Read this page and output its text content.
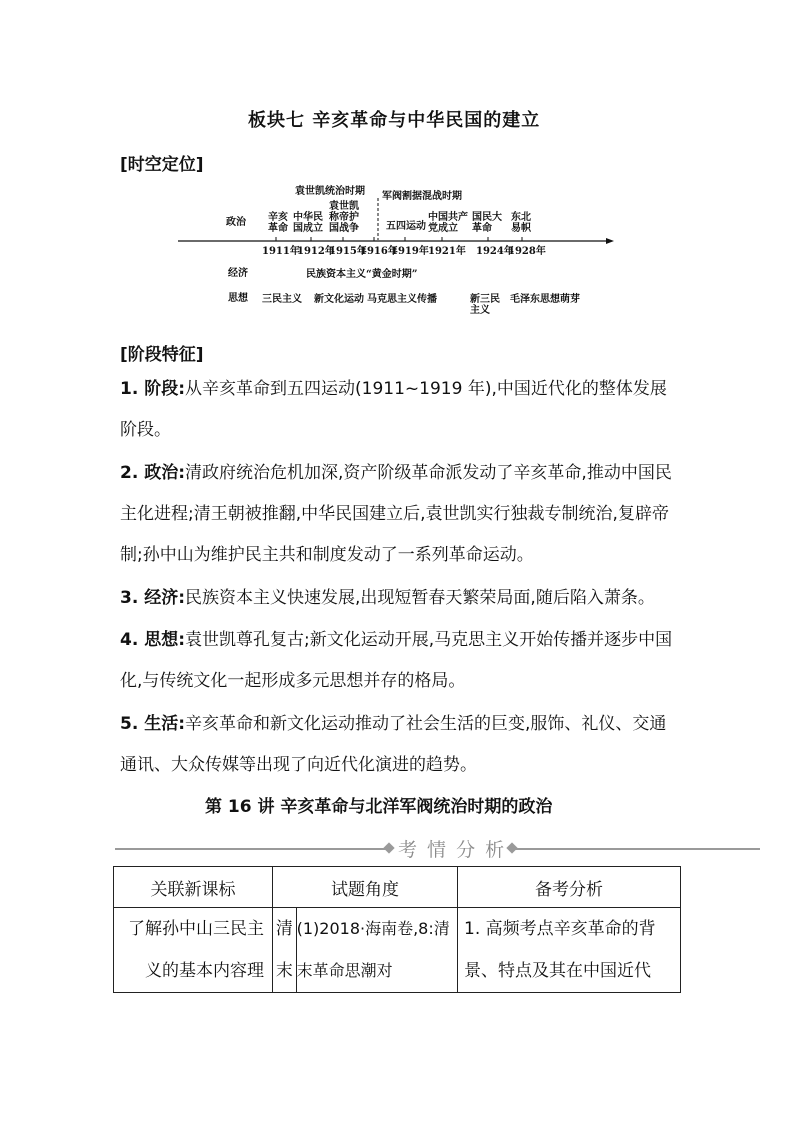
板块七 辛亥革命与中华民国的建立
[时空定位]
袁世凯统治时期 军阀割据混战时期
政治
经济
思想
辛亥
革命
中华民
国成立
袁世凯
称帝护
国战争	五四运动
中国共产
党成立
国民大
革命
东北
易帜
1911年
1912年
1915年
1916年
1919年 1921年 1924年
1928年
民族资本主义“黄金时期”
三民主义 新文化运动 马克思主义传播	新三民
主义
毛泽东思想萌芽
[阶段特征]
1. 阶段:从辛亥革命到五四运动(1911~1919 年),中国近代化的整体发展阶段。
2. 政治:清政府统治危机加深,资产阶级革命派发动了辛亥革命,推动中国民主化进程;清王朝被推翻,中华民国建立后,袁世凯实行独裁专制统治,复辟帝制;孙中山为维护民主共和制度发动了一系列革命运动。
3. 经济:民族资本主义快速发展,出现短暂春天繁荣局面,随后陷入萧条。
4. 思想:袁世凯尊孔复古;新文化运动开展,马克思主义开始传播并逐步中国化,与传统文化一起形成多元思想并存的格局。
5. 生活:辛亥革命和新文化运动推动了社会生活的巨变,服饰、礼仪、交通通讯、大众传媒等出现了向近代化演进的趋势。
第 16 讲 辛亥革命与北洋军阀统治时期的政治
考 情 分 析
关联新课标	试题角度		备考分析
了解孙中山三民主义的基本内容理	清末	(1)2018·海南卷,8:清末革命思潮对	1. 高频考点辛亥革命的背景、特点及其在中国近代
